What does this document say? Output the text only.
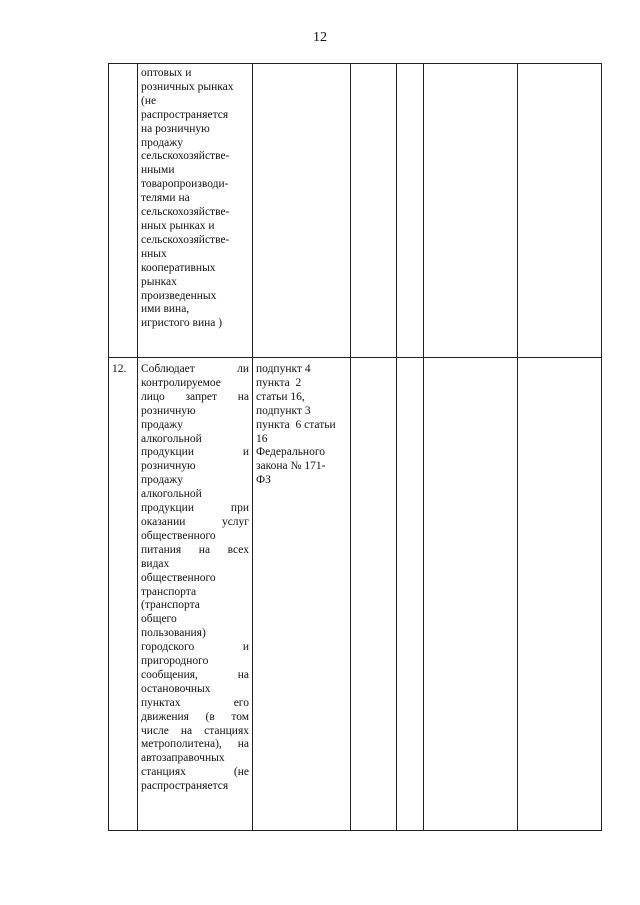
12
оптовых и
розничных рынках
(не
распространяется
на розничную
продажу
сельскохозяйстве-
нными
товаропроизводи-
телями на
сельскохозяйстве-
нных рынках и
сельскохозяйстве-
нных
кооперативных
рынках
произведенных
ими вина,
игристого вина )
12. Соблюдает ли
контролируемое
лицо запрет на
розничную
продажу
алкогольной
продукции и
розничную
продажу
алкогольной
продукции при
оказании услуг
общественного
питания на всех
видах
общественного
транспорта
(транспорта
общего
пользования)
городского и
пригородного
сообщения, на
остановочных
пунктах его
движения (в том
числе на станциях
метрополитена), на
автозаправочных
станциях (не
распространяется
подпункт 4
пункта  2
статьи 16,
подпункт 3
пункта  6 статьи
16
Федерального
закона № 171-
ФЗ
